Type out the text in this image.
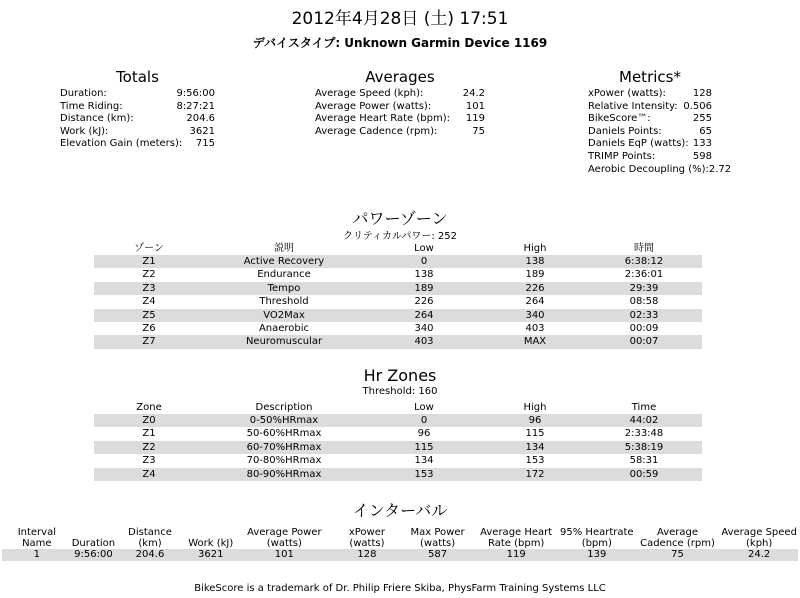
2012年4月28日 (土) 17:51
デバイスタイプ: Unknown Garmin Device 1169
Totals
Duration:	9:56:00
Time Riding:	8:27:21
Distance (km):	204.6
Work (kJ):	3621
Elevation Gain (meters): 715
Averages
Average Speed (kph):	24.2
Average Power (watts):	101
Average Heart Rate (bpm): 119
Average Cadence (rpm):	75
Metrics*
xPower (watts):	128
Relative Intensity: 0.506
BikeScore™:	255
Daniels Points:	65
Daniels EqP (watts): 133
TRIMP Points:	598
Aerobic Decoupling (%): 2.72
パワーゾーン
クリティカルパワー: 252
ゾーン	説明	Low	High	時間
Z1	Active Recovery	0	138	6:38:12
Z2	Endurance	138	189	2:36:01
Z3	Tempo	189	226	29:39
Z4	Threshold	226	264	08:58
Z5	VO2Max	264	340	02:33
Z6	Anaerobic	340	403	00:09
Z7	Neuromuscular	403	MAX	00:07
Hr Zones
Threshold: 160
Zone	Description	Low	High	Time
Z0	0-50%HRmax	0	96	44:02
Z1	50-60%HRmax	96	115	2:33:48
Z2	60-70%HRmax	115	134	5:38:19
Z3	70-80%HRmax	134	153	58:31
Z4	80-90%HRmax	153	172	00:59
インターバル
Interval Name	Duration	Distance (km)	Work (kJ)	Average Power (watts)	xPower (watts)	Max Power (watts)	Average Heart Rate (bpm)	95% Heartrate (bpm)	Average Cadence (rpm)	Average Speed (kph)
1	9:56:00	204.6	3621	101	128	587	119	139	75	24.2
BikeScore is a trademark of Dr. Philip Friere Skiba, PhysFarm Training Systems LLC
